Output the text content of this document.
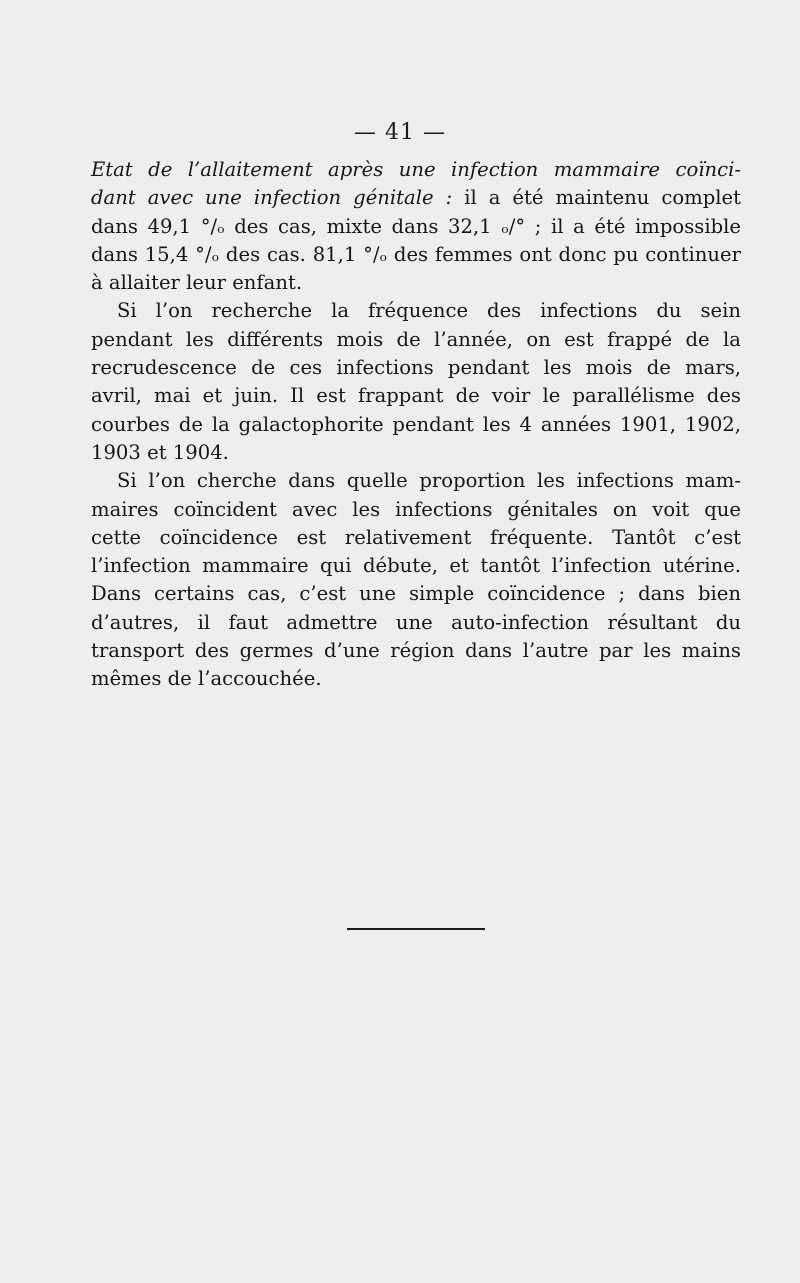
— 41 —

Etat de l’allaitement après une infection mammaire coïnci-
dant avec une infection génitale : il a été maintenu complet
dans 49,1 °/ₒ des cas, mixte dans 32,1 ₒ/° ; il a été impossible
dans 15,4 °/ₒ des cas. 81,1 °/ₒ des femmes ont donc pu continuer
à allaiter leur enfant.

Si l’on recherche la fréquence des infections du sein
pendant les différents mois de l’année, on est frappé de la
recrudescence de ces infections pendant les mois de mars,
avril, mai et juin. Il est frappant de voir le parallélisme des
courbes de la galactophorite pendant les 4 années 1901, 1902,
1903 et 1904.

Si l’on cherche dans quelle proportion les infections mam-
maires coïncident avec les infections génitales on voit que
cette coïncidence est relativement fréquente. Tantôt c’est
l’infection mammaire qui débute, et tantôt l’infection utérine.
Dans certains cas, c’est une simple coïncidence ; dans bien
d’autres, il faut admettre une auto-infection résultant du
transport des germes d’une région dans l’autre par les mains
mêmes de l’accouchée.
